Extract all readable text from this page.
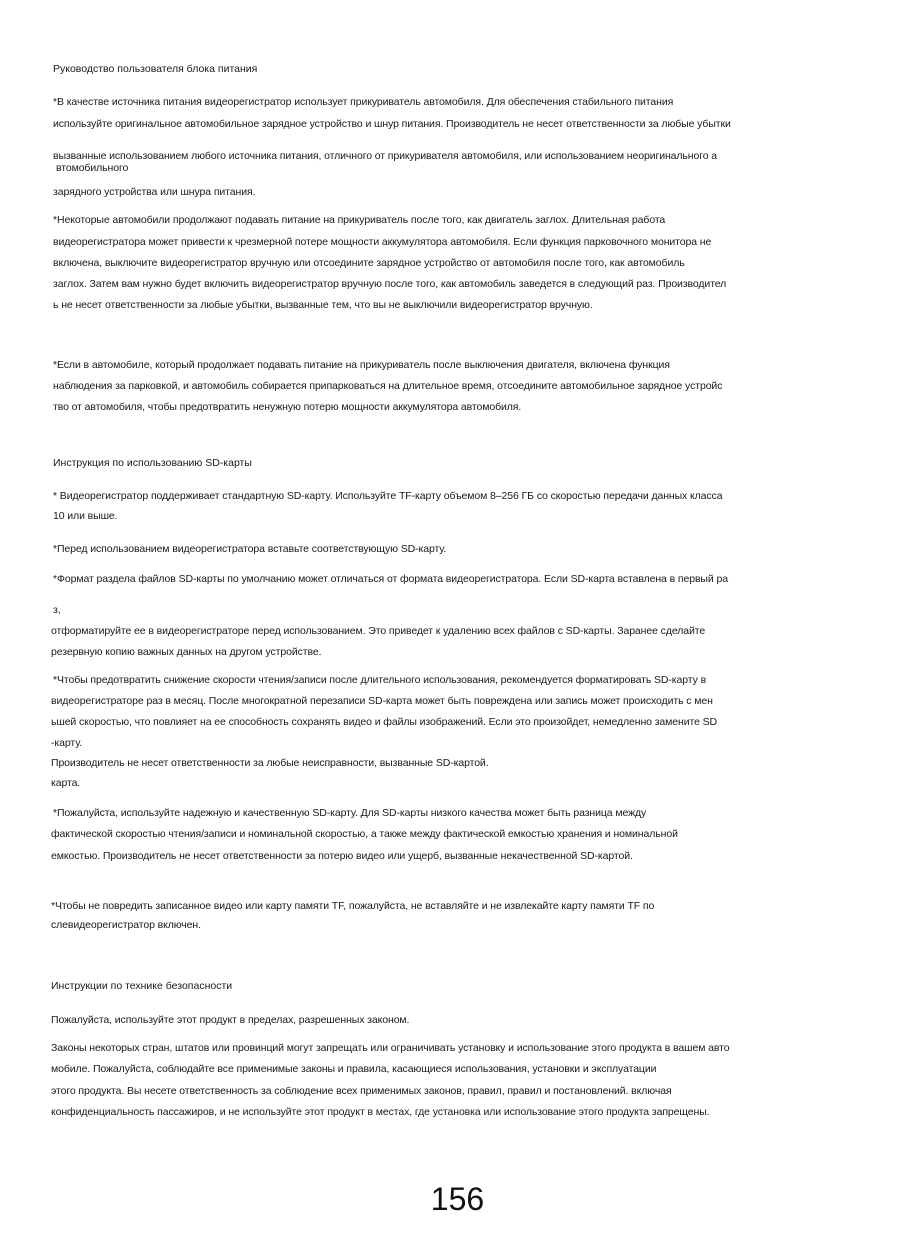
Руководство пользователя блока питания
*В качестве источника питания видеорегистратор использует прикуриватель автомобиля. Для обеспечения стабильного питания
используйте оригинальное автомобильное зарядное устройство и шнур питания. Производитель не несет ответственности за любые убытки
вызванные использованием любого источника питания, отличного от прикуривателя автомобиля, или использованием неоригинального а
втомобильного
зарядного устройства или шнура питания.
*Некоторые автомобили продолжают подавать питание на прикуриватель после того, как двигатель заглох. Длительная работа
видеорегистратора может привести к чрезмерной потере мощности аккумулятора автомобиля. Если функция парковочного монитора не
включена, выключите видеорегистратор вручную или отсоедините зарядное устройство от автомобиля после того, как автомобиль
заглох. Затем вам нужно будет включить видеорегистратор вручную после того, как автомобиль заведется в следующий раз. Производител
ь не несет ответственности за любые убытки, вызванные тем, что вы не выключили видеорегистратор вручную.
*Если в автомобиле, который продолжает подавать питание на прикуриватель после выключения двигателя, включена функция
наблюдения за парковкой, и автомобиль собирается припарковаться на длительное время, отсоедините автомобильное зарядное устройс
тво от автомобиля, чтобы предотвратить ненужную потерю мощности аккумулятора автомобиля.
Инструкция по использованию SD-карты
* Видеорегистратор поддерживает стандартную SD-карту. Используйте TF-карту объемом 8–256 ГБ со скоростью передачи данных класса
10 или выше.
*Перед использованием видеорегистратора вставьте соответствующую SD-карту.
*Формат раздела файлов SD-карты по умолчанию может отличаться от формата видеорегистратора. Если SD-карта вставлена в первый ра
з,
отформатируйте ее в видеорегистраторе перед использованием. Это приведет к удалению всех файлов с SD-карты. Заранее сделайте
резервную копию важных данных на другом устройстве.
*Чтобы предотвратить снижение скорости чтения/записи после длительного использования, рекомендуется форматировать SD-карту в
видеорегистраторе раз в месяц. После многократной перезаписи SD-карта может быть повреждена или запись может происходить с мен
ьшей скоростью, что повлияет на ее способность сохранять видео и файлы изображений. Если это произойдет, немедленно замените SD
-карту.
Производитель не несет ответственности за любые неисправности, вызванные SD-картой.
карта.
*Пожалуйста, используйте надежную и качественную SD-карту. Для SD-карты низкого качества может быть разница между
фактической скоростью чтения/записи и номинальной скоростью, а также между фактической емкостью хранения и номинальной
емкостью. Производитель не несет ответственности за потерю видео или ущерб, вызванные некачественной SD-картой.
*Чтобы не повредить записанное видео или карту памяти TF, пожалуйста, не вставляйте и не извлекайте карту памяти TF по
слевидеорегистратор включен.
Инструкции по технике безопасности
Пожалуйста, используйте этот продукт в пределах, разрешенных законом.
Законы некоторых стран, штатов или провинций могут запрещать или ограничивать установку и использование этого продукта в вашем авто
мобиле. Пожалуйста, соблюдайте все применимые законы и правила, касающиеся использования, установки и эксплуатации
этого продукта. Вы несете ответственность за соблюдение всех применимых законов, правил, правил и постановлений. включая
конфиденциальность пассажиров, и не используйте этот продукт в местах, где установка или использование этого продукта запрещены.
156
